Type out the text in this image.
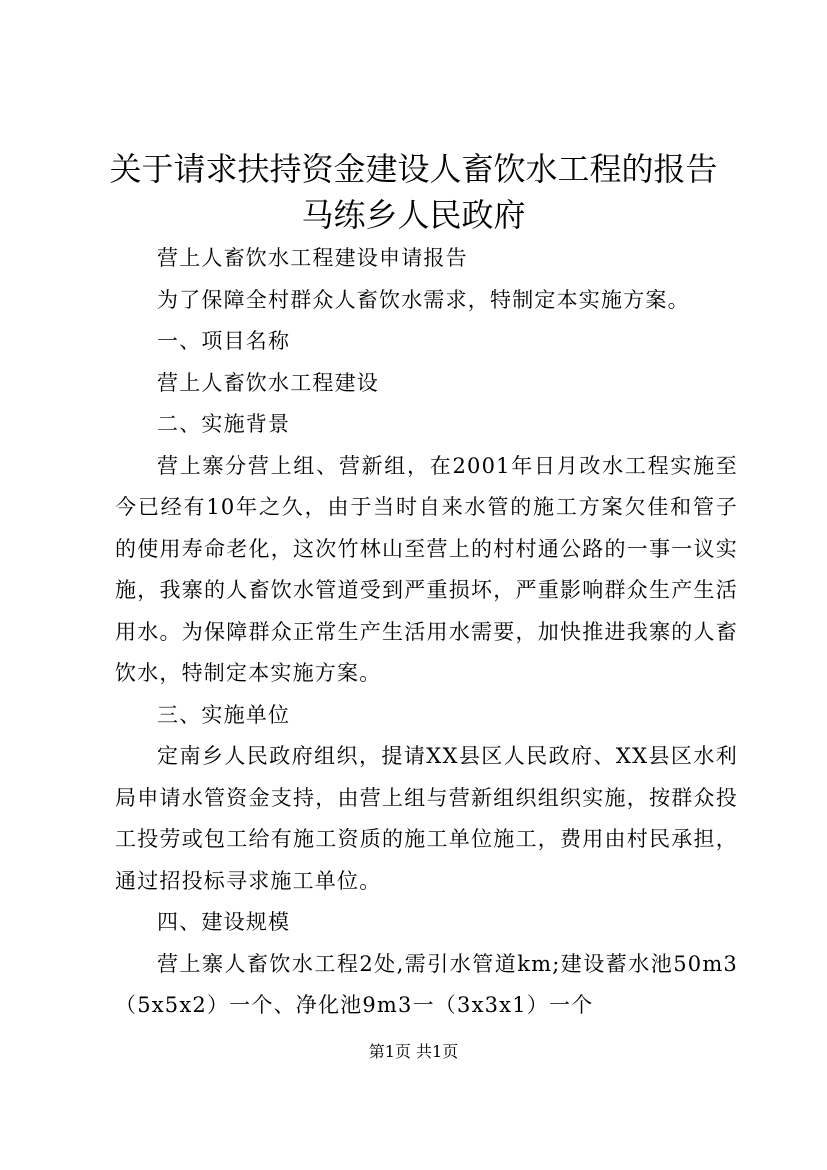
关于请求扶持资金建设人畜饮水工程的报告马练乡人民政府

营上人畜饮水工程建设申请报告

为了保障全村群众人畜饮水需求，特制定本实施方案。

一、项目名称

营上人畜饮水工程建设

二、实施背景

营上寨分营上组、营新组，在2001年日月改水工程实施至今已经有10年之久，由于当时自来水管的施工方案欠佳和管子的使用寿命老化，这次竹林山至营上的村村通公路的一事一议实施，我寨的人畜饮水管道受到严重损坏，严重影响群众生产生活用水。为保障群众正常生产生活用水需要，加快推进我寨的人畜饮水，特制定本实施方案。

三、实施单位

定南乡人民政府组织，提请XX县区人民政府、XX县区水利局申请水管资金支持，由营上组与营新组织组织实施，按群众投工投劳或包工给有施工资质的施工单位施工，费用由村民承担，通过招投标寻求施工单位。

四、建设规模

营上寨人畜饮水工程2处,需引水管道km;建设蓄水池50m3（5x5x2）一个、净化池9m3一（3x3x1）一个

第1页 共1页
